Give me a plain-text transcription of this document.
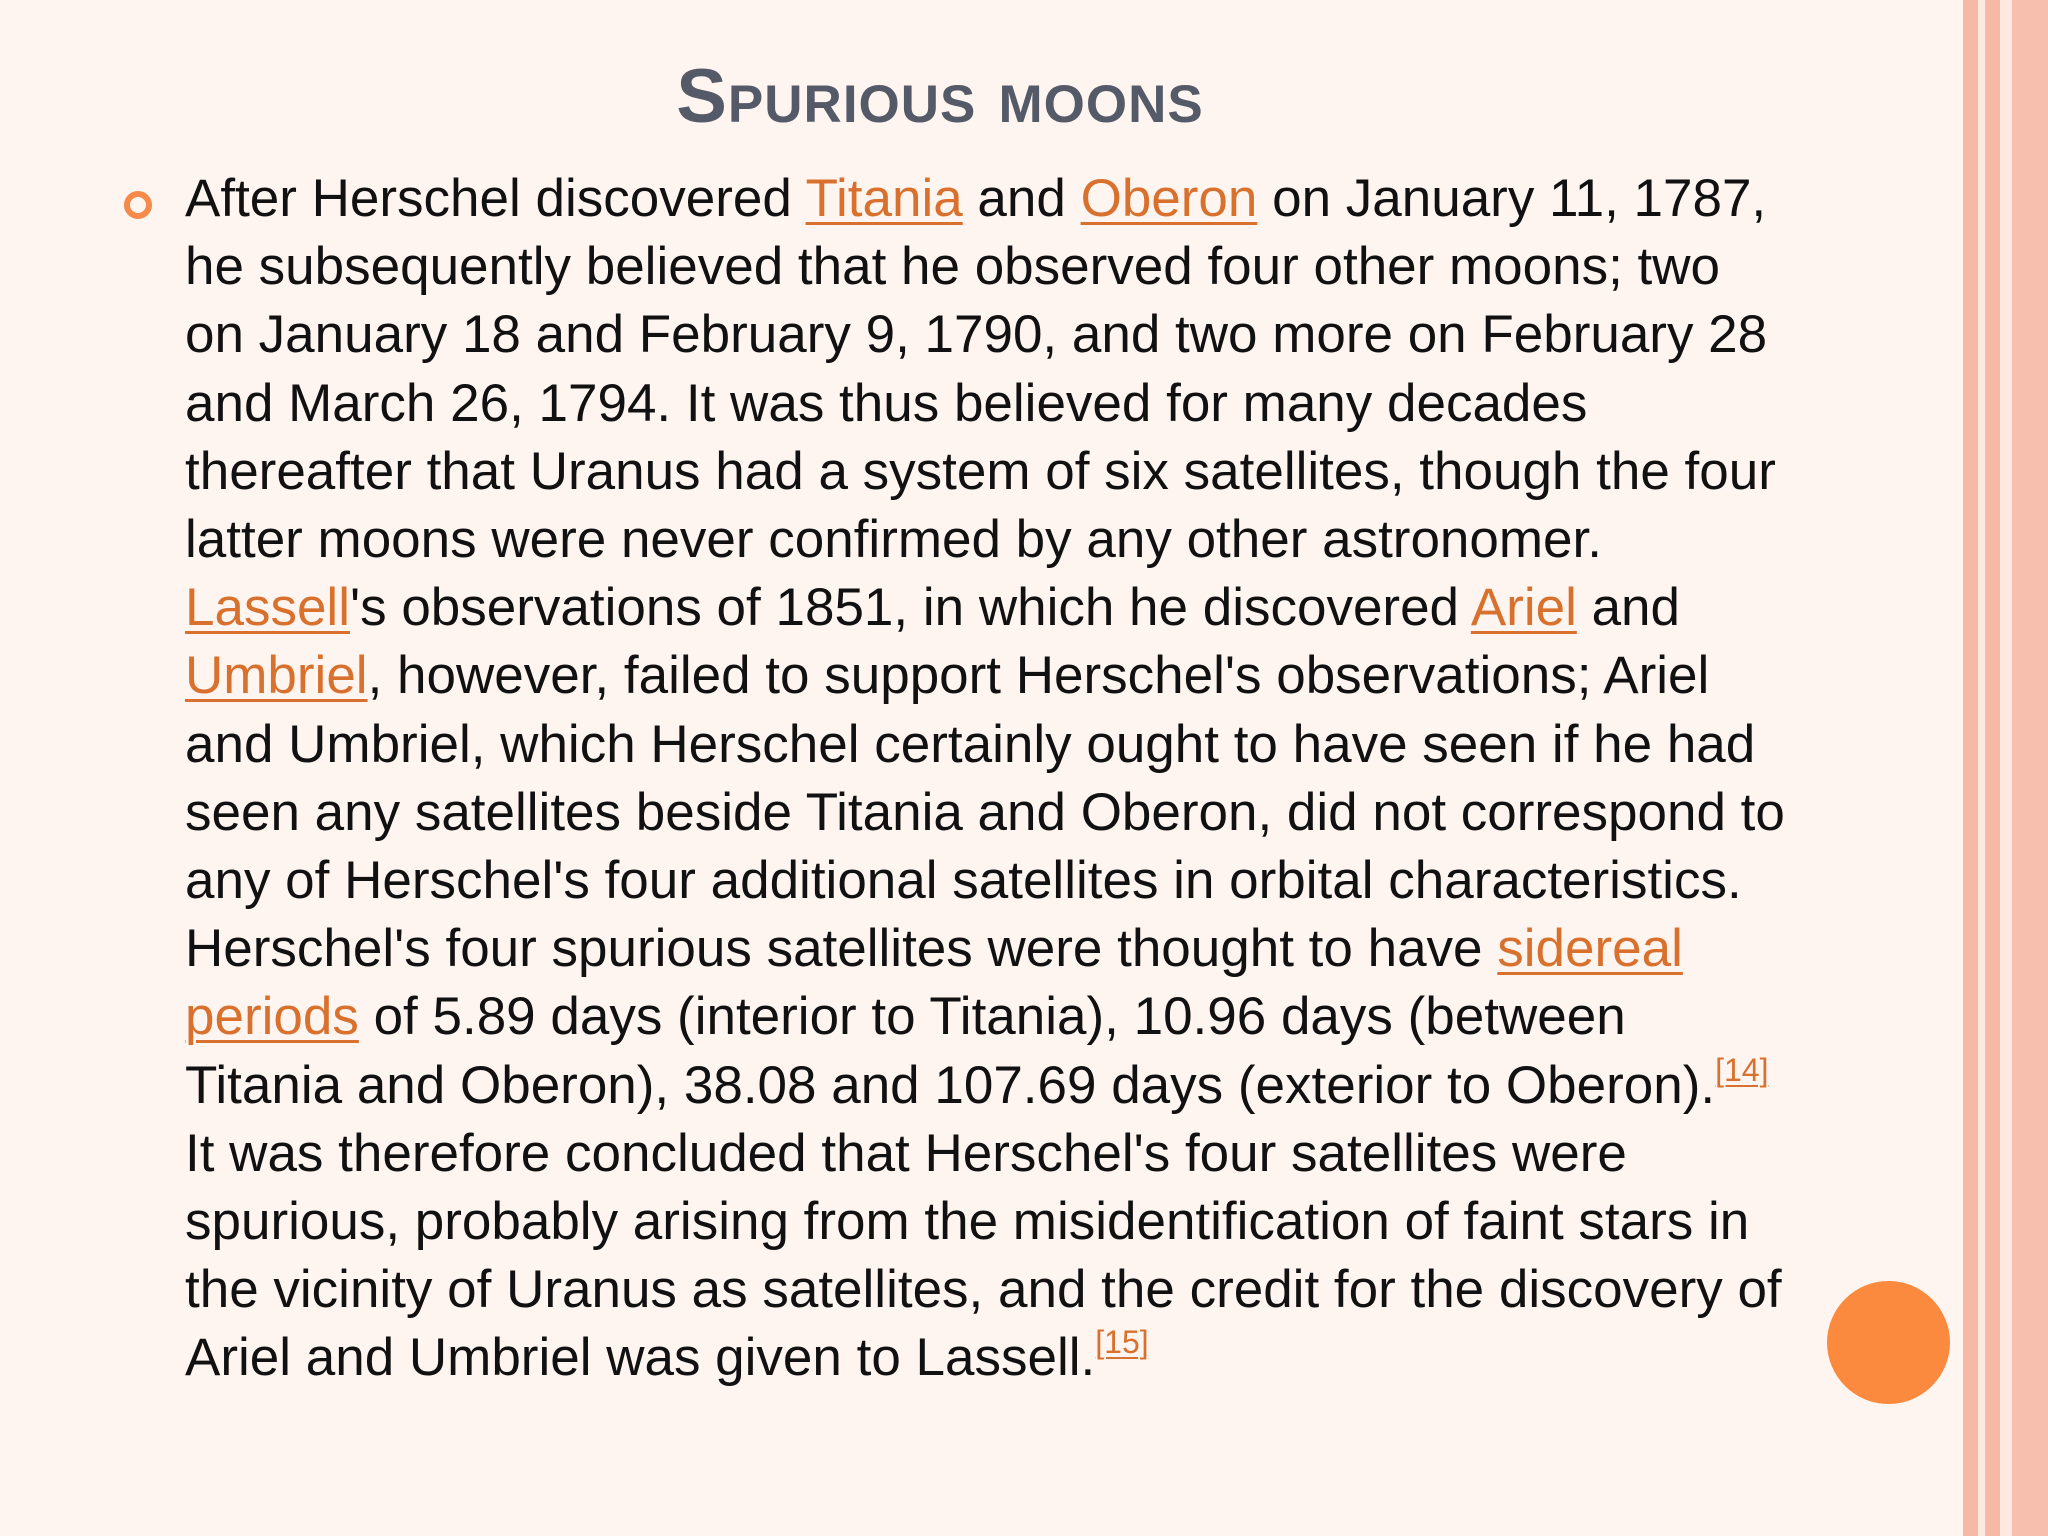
Spurious moons

After Herschel discovered Titania and Oberon on January 11, 1787,
he subsequently believed that he observed four other moons; two
on January 18 and February 9, 1790, and two more on February 28
and March 26, 1794. It was thus believed for many decades
thereafter that Uranus had a system of six satellites, though the four
latter moons were never confirmed by any other astronomer.
Lassell's observations of 1851, in which he discovered Ariel and
Umbriel, however, failed to support Herschel's observations; Ariel
and Umbriel, which Herschel certainly ought to have seen if he had
seen any satellites beside Titania and Oberon, did not correspond to
any of Herschel's four additional satellites in orbital characteristics.
Herschel's four spurious satellites were thought to have sidereal
periods of 5.89 days (interior to Titania), 10.96 days (between
Titania and Oberon), 38.08 and 107.69 days (exterior to Oberon).[14]
It was therefore concluded that Herschel's four satellites were
spurious, probably arising from the misidentification of faint stars in
the vicinity of Uranus as satellites, and the credit for the discovery of
Ariel and Umbriel was given to Lassell.[15]
